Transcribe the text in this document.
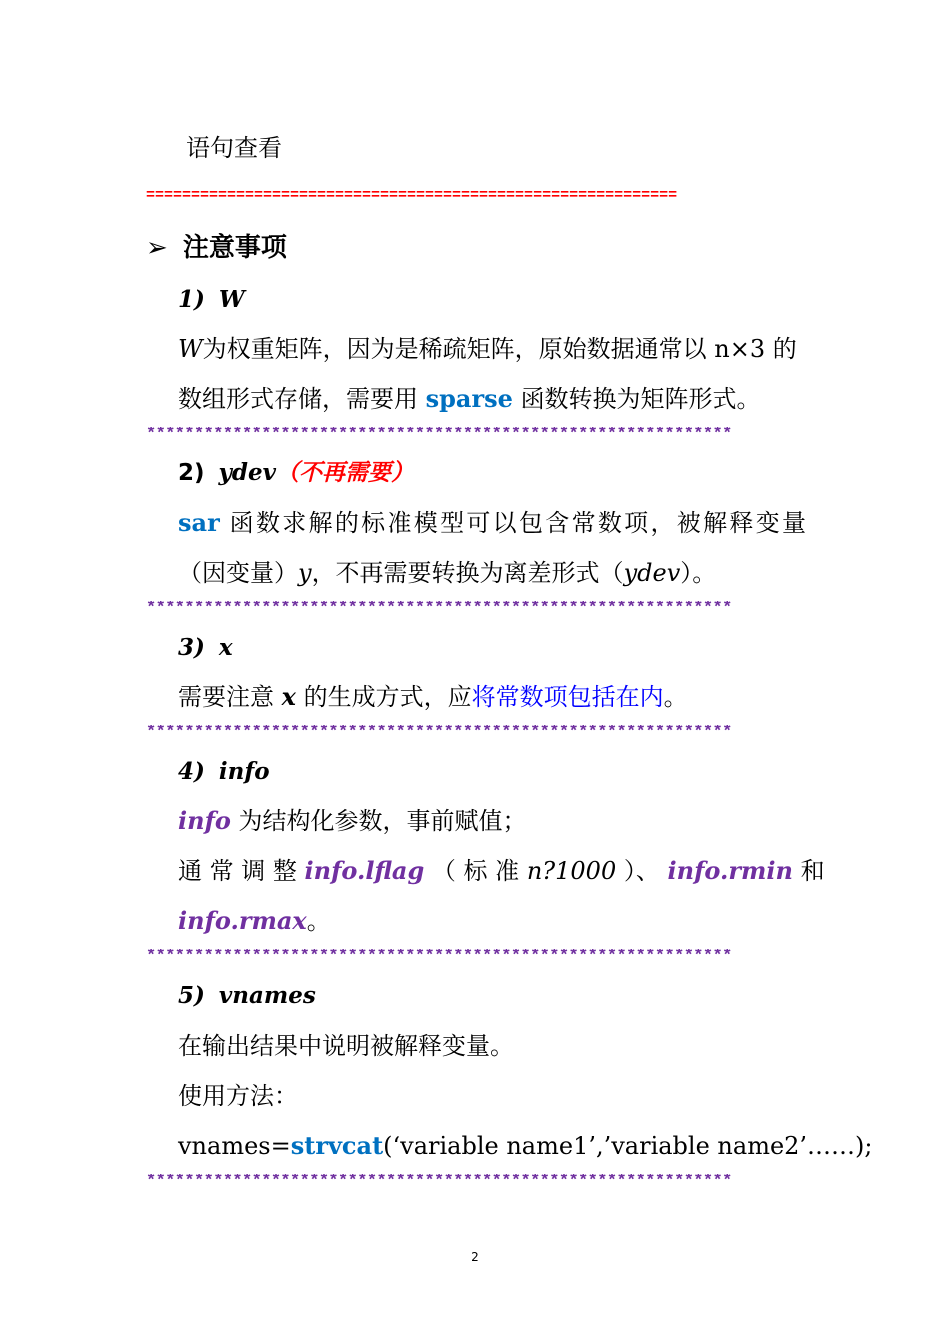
语句查看
===========================================================
➢ 注意事项
1) W
W为权重矩阵，因为是稀疏矩阵，原始数据通常以 n×3 的
数组形式存储，需要用 sparse 函数转换为矩阵形式。
*************************************************************
2) ydev（不再需要）
sar 函数求解的标准模型可以包含常数项，被解释变量
（因变量）y，不再需要转换为离差形式（ydev）。
*************************************************************
3) x
需要注意 x 的生成方式，应将常数项包括在内。
*************************************************************
4) info
info 为结构化参数，事前赋值；
通 常 调 整 info.lflag （ 标 准 n?1000 ）、 info.rmin 和
info.rmax。
*************************************************************
5) vnames
在输出结果中说明被解释变量。
使用方法：
vnames=strvcat(‘variable name1’,’variable name2’……);
*************************************************************
2
